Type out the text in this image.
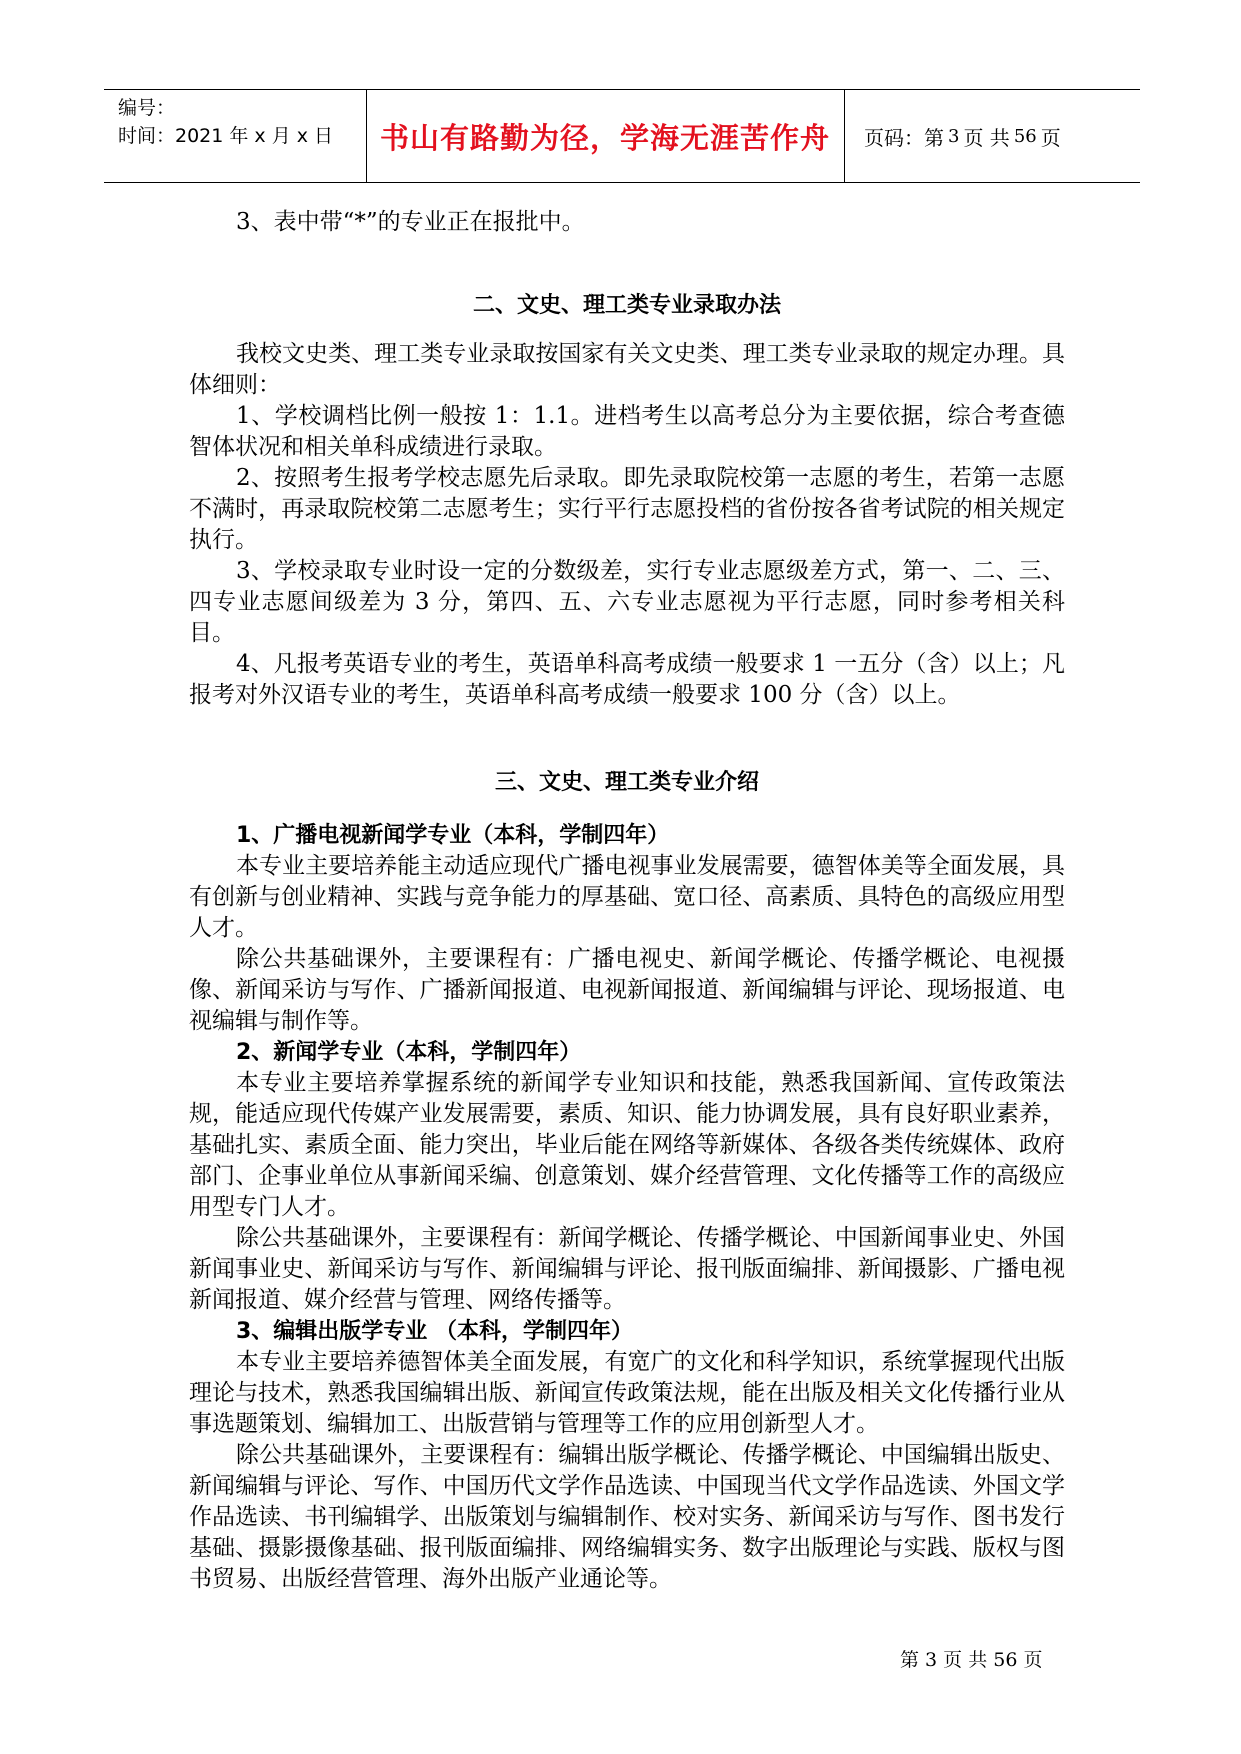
编号：
时间：2021 年 x 月 x 日	书山有路勤为径，学海无涯苦作舟	页码：第 3 页 共 56 页

3、表中带“*”的专业正在报批中。

二、文史、理工类专业录取办法

我校文史类、理工类专业录取按国家有关文史类、理工类专业录取的规定办理。具体细则：

1、学校调档比例一般按 1：1.1。进档考生以高考总分为主要依据，综合考查德智体状况和相关单科成绩进行录取。

2、按照考生报考学校志愿先后录取。即先录取院校第一志愿的考生，若第一志愿不满时，再录取院校第二志愿考生；实行平行志愿投档的省份按各省考试院的相关规定执行。

3、学校录取专业时设一定的分数级差，实行专业志愿级差方式，第一、二、三、四专业志愿间级差为 3 分，第四、五、六专业志愿视为平行志愿，同时参考相关科目。

4、凡报考英语专业的考生，英语单科高考成绩一般要求 1 一五分（含）以上；凡报考对外汉语专业的考生，英语单科高考成绩一般要求 100 分（含）以上。

三、文史、理工类专业介绍

1、广播电视新闻学专业（本科，学制四年）

本专业主要培养能主动适应现代广播电视事业发展需要，德智体美等全面发展，具有创新与创业精神、实践与竞争能力的厚基础、宽口径、高素质、具特色的高级应用型人才。

除公共基础课外，主要课程有：广播电视史、新闻学概论、传播学概论、电视摄像、新闻采访与写作、广播新闻报道、电视新闻报道、新闻编辑与评论、现场报道、电视编辑与制作等。

2、新闻学专业（本科，学制四年）

本专业主要培养掌握系统的新闻学专业知识和技能，熟悉我国新闻、宣传政策法规，能适应现代传媒产业发展需要，素质、知识、能力协调发展，具有良好职业素养，基础扎实、素质全面、能力突出，毕业后能在网络等新媒体、各级各类传统媒体、政府部门、企事业单位从事新闻采编、创意策划、媒介经营管理、文化传播等工作的高级应用型专门人才。

除公共基础课外，主要课程有：新闻学概论、传播学概论、中国新闻事业史、外国新闻事业史、新闻采访与写作、新闻编辑与评论、报刊版面编排、新闻摄影、广播电视新闻报道、媒介经营与管理、网络传播等。

3、编辑出版学专业 （本科，学制四年）

本专业主要培养德智体美全面发展，有宽广的文化和科学知识，系统掌握现代出版理论与技术，熟悉我国编辑出版、新闻宣传政策法规，能在出版及相关文化传播行业从事选题策划、编辑加工、出版营销与管理等工作的应用创新型人才。

除公共基础课外，主要课程有：编辑出版学概论、传播学概论、中国编辑出版史、新闻编辑与评论、写作、中国历代文学作品选读、中国现当代文学作品选读、外国文学作品选读、书刊编辑学、出版策划与编辑制作、校对实务、新闻采访与写作、图书发行基础、摄影摄像基础、报刊版面编排、网络编辑实务、数字出版理论与实践、版权与图书贸易、出版经营管理、海外出版产业通论等。

第 3 页 共 56 页
